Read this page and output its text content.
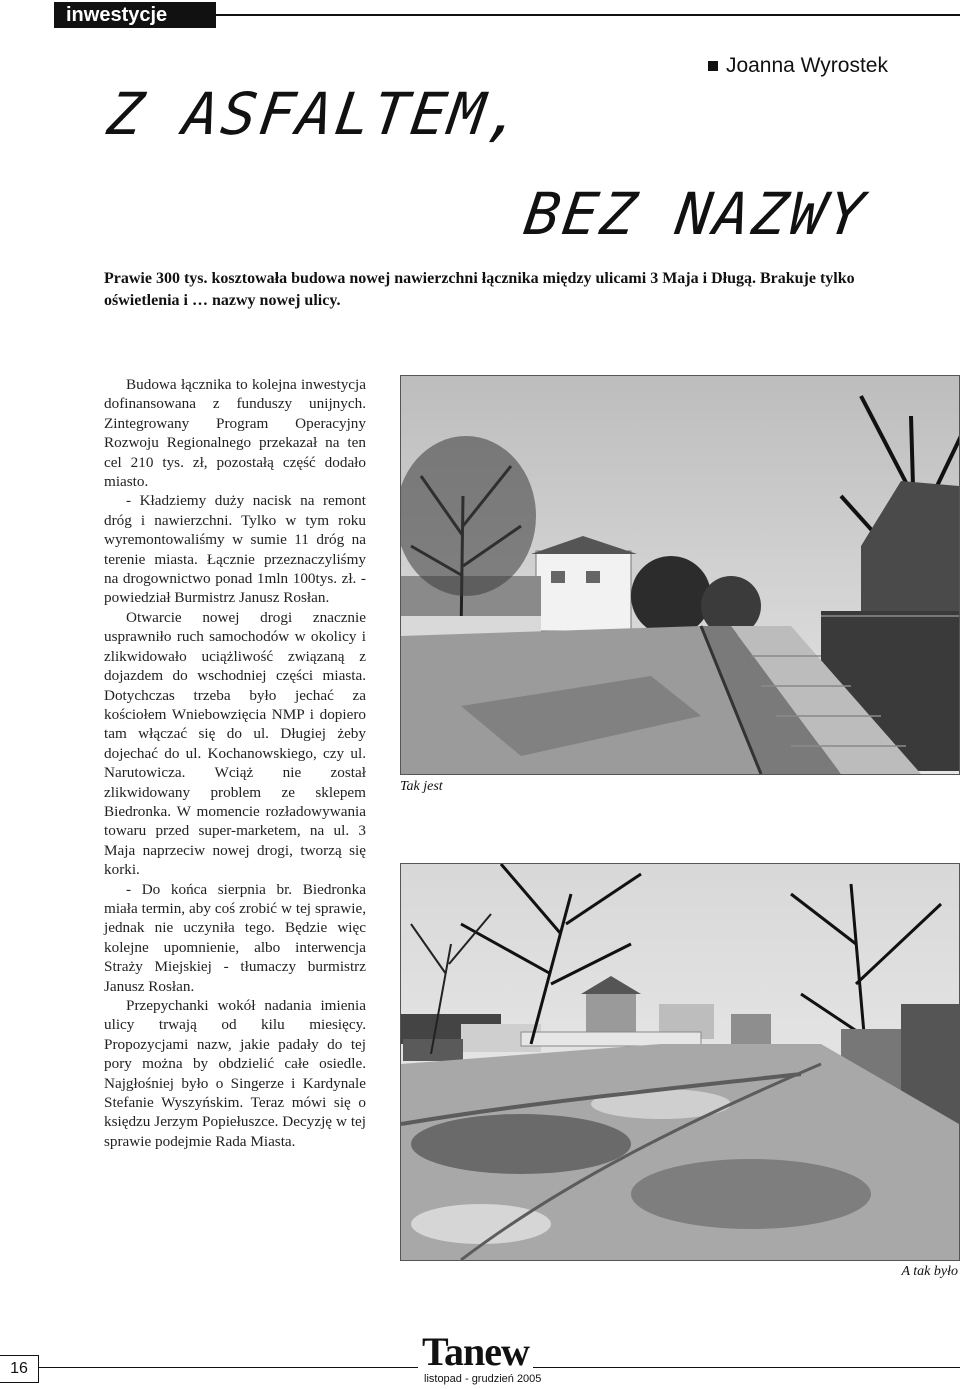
inwestycje
Joanna Wyrostek
Z ASFALTEM,
BEZ NAZWY
Prawie 300 tys. kosztowała budowa nowej nawierzchni łącznika między ulicami 3 Maja i Długą. Brakuje tylko oświetlenia i … nazwy nowej ulicy.

Budowa łącznika to kolejna inwestycja dofinansowana z funduszy unijnych. Zintegrowany Program Operacyjny Rozwoju Regionalnego przekazał na ten cel 210 tys. zł, pozostałą część dodało miasto.

- Kładziemy duży nacisk na remont dróg i nawierzchni. Tylko w tym roku wyremontowaliśmy w sumie 11 dróg na terenie miasta. Łącznie przeznaczyliśmy na drogownictwo ponad 1mln 100tys. zł. - powiedział Burmistrz Janusz Rosłan.

Otwarcie nowej drogi znacznie usprawniło ruch samochodów w okolicy i zlikwidowało uciążliwość związaną z dojazdem do wschodniej części miasta. Dotychczas trzeba było jechać za kościołem Wniebowzięcia NMP i dopiero tam włączać się do ul. Długiej żeby dojechać do ul. Kochanowskiego, czy ul. Narutowicza. Wciąż nie został zlikwidowany problem ze sklepem Biedronka. W momencie rozładowywania towaru przed super-marketem, na ul. 3 Maja naprzeciw nowej drogi, tworzą się korki.

- Do końca sierpnia br. Biedronka miała termin, aby coś zrobić w tej sprawie, jednak nie uczyniła tego. Będzie więc kolejne upomnienie, albo interwencja Straży Miejskiej - tłumaczy burmistrz Janusz Rosłan.

Przepychanki wokół nadania imienia ulicy trwają od kilu miesięcy. Propozycjami nazw, jakie padały do tej pory można by obdzielić całe osiedle. Najgłośniej było o Singerze i Kardynale Stefanie Wyszyńskim. Teraz mówi się o księdzu Jerzym Popiełuszce. Decyzję w tej sprawie podejmie Rada Miasta.

Tak jest
A tak było
16	Tanew
listopad - grudzień 2005
